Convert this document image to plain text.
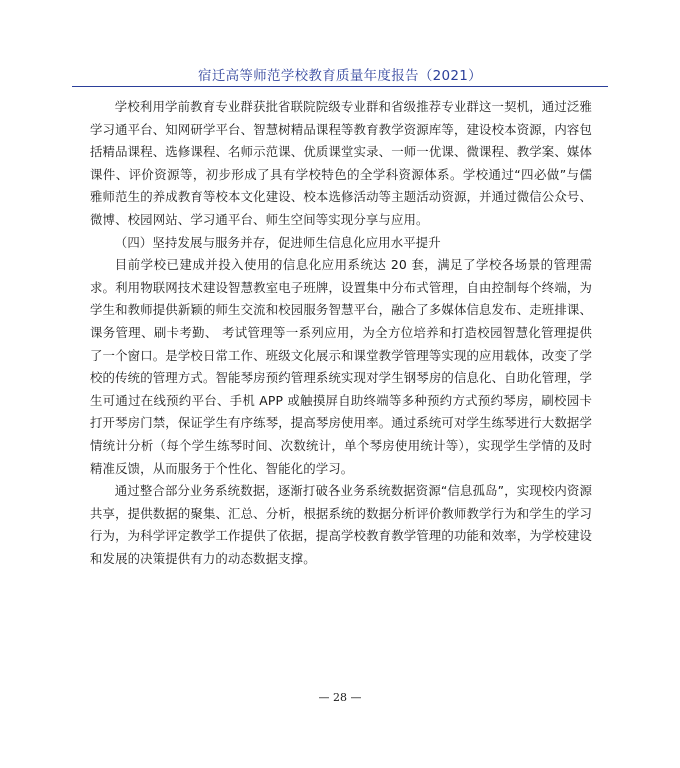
宿迁高等师范学校教育质量年度报告（2021）

学校利用学前教育专业群获批省联院院级专业群和省级推荐专业群这一契机，通过泛雅学习通平台、知网研学平台、智慧树精品课程等教育教学资源库等，建设校本资源，内容包括精品课程、选修课程、名师示范课、优质课堂实录、一师一优课、微课程、教学案、媒体课件、评价资源等，初步形成了具有学校特色的全学科资源体系。学校通过“四必做”与儒雅师范生的养成教育等校本文化建设、校本选修活动等主题活动资源，并通过微信公众号、微博、校园网站、学习通平台、师生空间等实现分享与应用。

（四）坚持发展与服务并存，促进师生信息化应用水平提升

目前学校已建成并投入使用的信息化应用系统达 20 套，满足了学校各场景的管理需求。利用物联网技术建设智慧教室电子班牌，设置集中分布式管理，自由控制每个终端，为学生和教师提供新颖的师生交流和校园服务智慧平台，融合了多媒体信息发布、走班排课、课务管理、刷卡考勤、 考试管理等一系列应用，为全方位培养和打造校园智慧化管理提供了一个窗口。是学校日常工作、班级文化展示和课堂教学管理等实现的应用载体，改变了学校的传统的管理方式。智能琴房预约管理系统实现对学生钢琴房的信息化、自助化管理，学生可通过在线预约平台、手机 APP 或触摸屏自助终端等多种预约方式预约琴房，刷校园卡打开琴房门禁，保证学生有序练琴，提高琴房使用率。通过系统可对学生练琴进行大数据学情统计分析（每个学生练琴时间、次数统计，单个琴房使用统计等），实现学生学情的及时精准反馈，从而服务于个性化、智能化的学习。

通过整合部分业务系统数据，逐渐打破各业务系统数据资源“信息孤岛”，实现校内资源共享，提供数据的聚集、汇总、分析，根据系统的数据分析评价教师教学行为和学生的学习行为，为科学评定教学工作提供了依据，提高学校教育教学管理的功能和效率，为学校建设和发展的决策提供有力的动态数据支撑。

— 28 —
